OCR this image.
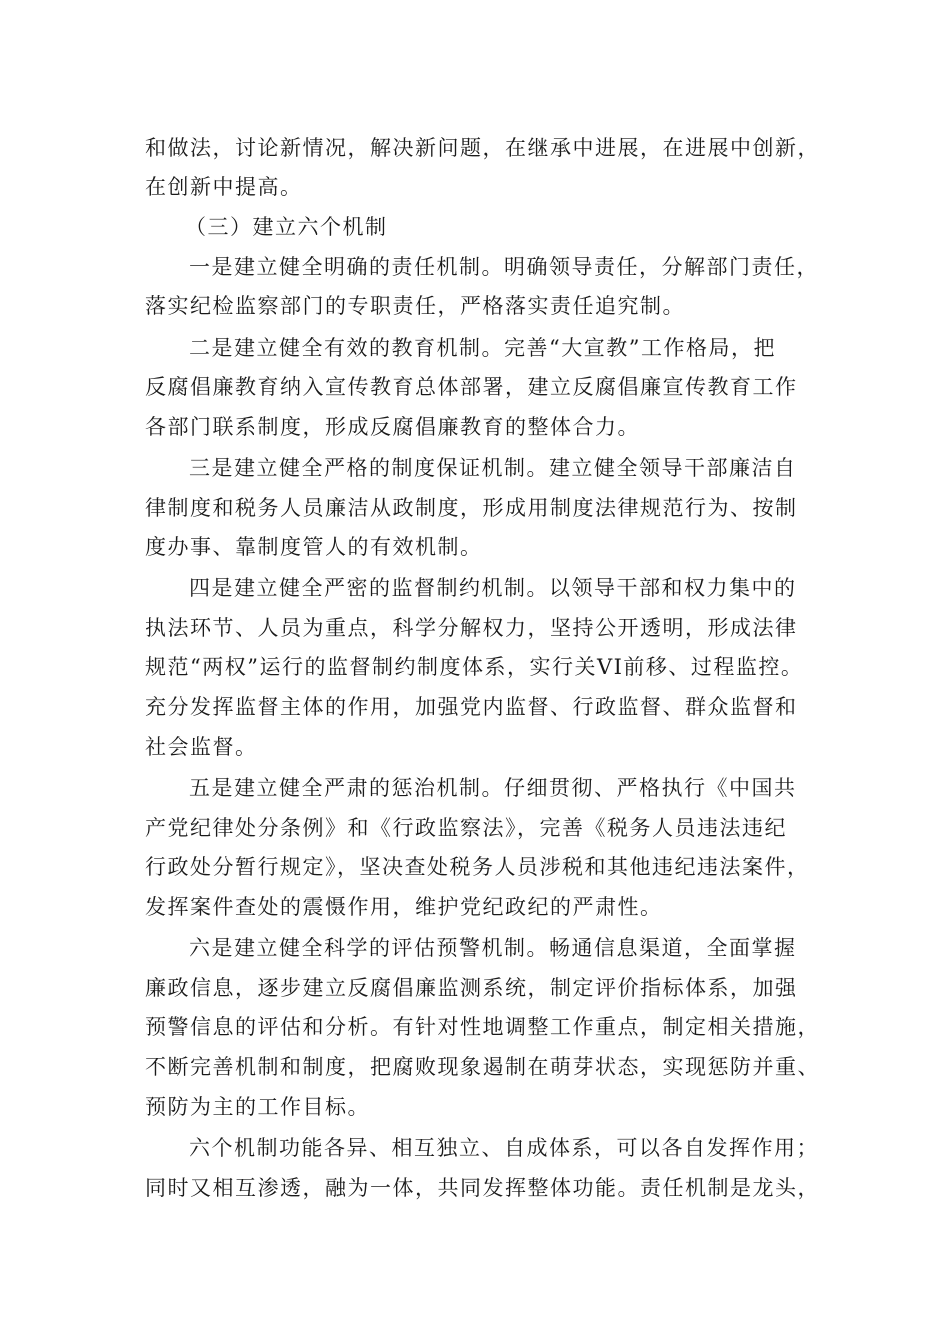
和做法，讨论新情况，解决新问题，在继承中进展，在进展中创新，
在创新中提高。
（三）建立六个机制
一是建立健全明确的责任机制。明确领导责任，分解部门责任，
落实纪检监察部门的专职责任，严格落实责任追究制。
二是建立健全有效的教育机制。完善“大宣教”工作格局，把
反腐倡廉教育纳入宣传教育总体部署，建立反腐倡廉宣传教育工作
各部门联系制度，形成反腐倡廉教育的整体合力。
三是建立健全严格的制度保证机制。建立健全领导干部廉洁自
律制度和税务人员廉洁从政制度，形成用制度法律规范行为、按制
度办事、靠制度管人的有效机制。
四是建立健全严密的监督制约机制。以领导干部和权力集中的
执法环节、人员为重点，科学分解权力，坚持公开透明，形成法律
规范“两权”运行的监督制约制度体系，实行关VI前移、过程监控。
充分发挥监督主体的作用，加强党内监督、行政监督、群众监督和
社会监督。
五是建立健全严肃的惩治机制。仔细贯彻、严格执行《中国共
产党纪律处分条例》和《行政监察法》，完善《税务人员违法违纪
行政处分暂行规定》，坚决查处税务人员涉税和其他违纪违法案件，
发挥案件查处的震慑作用，维护党纪政纪的严肃性。
六是建立健全科学的评估预警机制。畅通信息渠道，全面掌握
廉政信息，逐步建立反腐倡廉监测系统，制定评价指标体系，加强
预警信息的评估和分析。有针对性地调整工作重点，制定相关措施，
不断完善机制和制度，把腐败现象遏制在萌芽状态，实现惩防并重、
预防为主的工作目标。
六个机制功能各异、相互独立、自成体系，可以各自发挥作用；
同时又相互渗透，融为一体，共同发挥整体功能。责任机制是龙头，
